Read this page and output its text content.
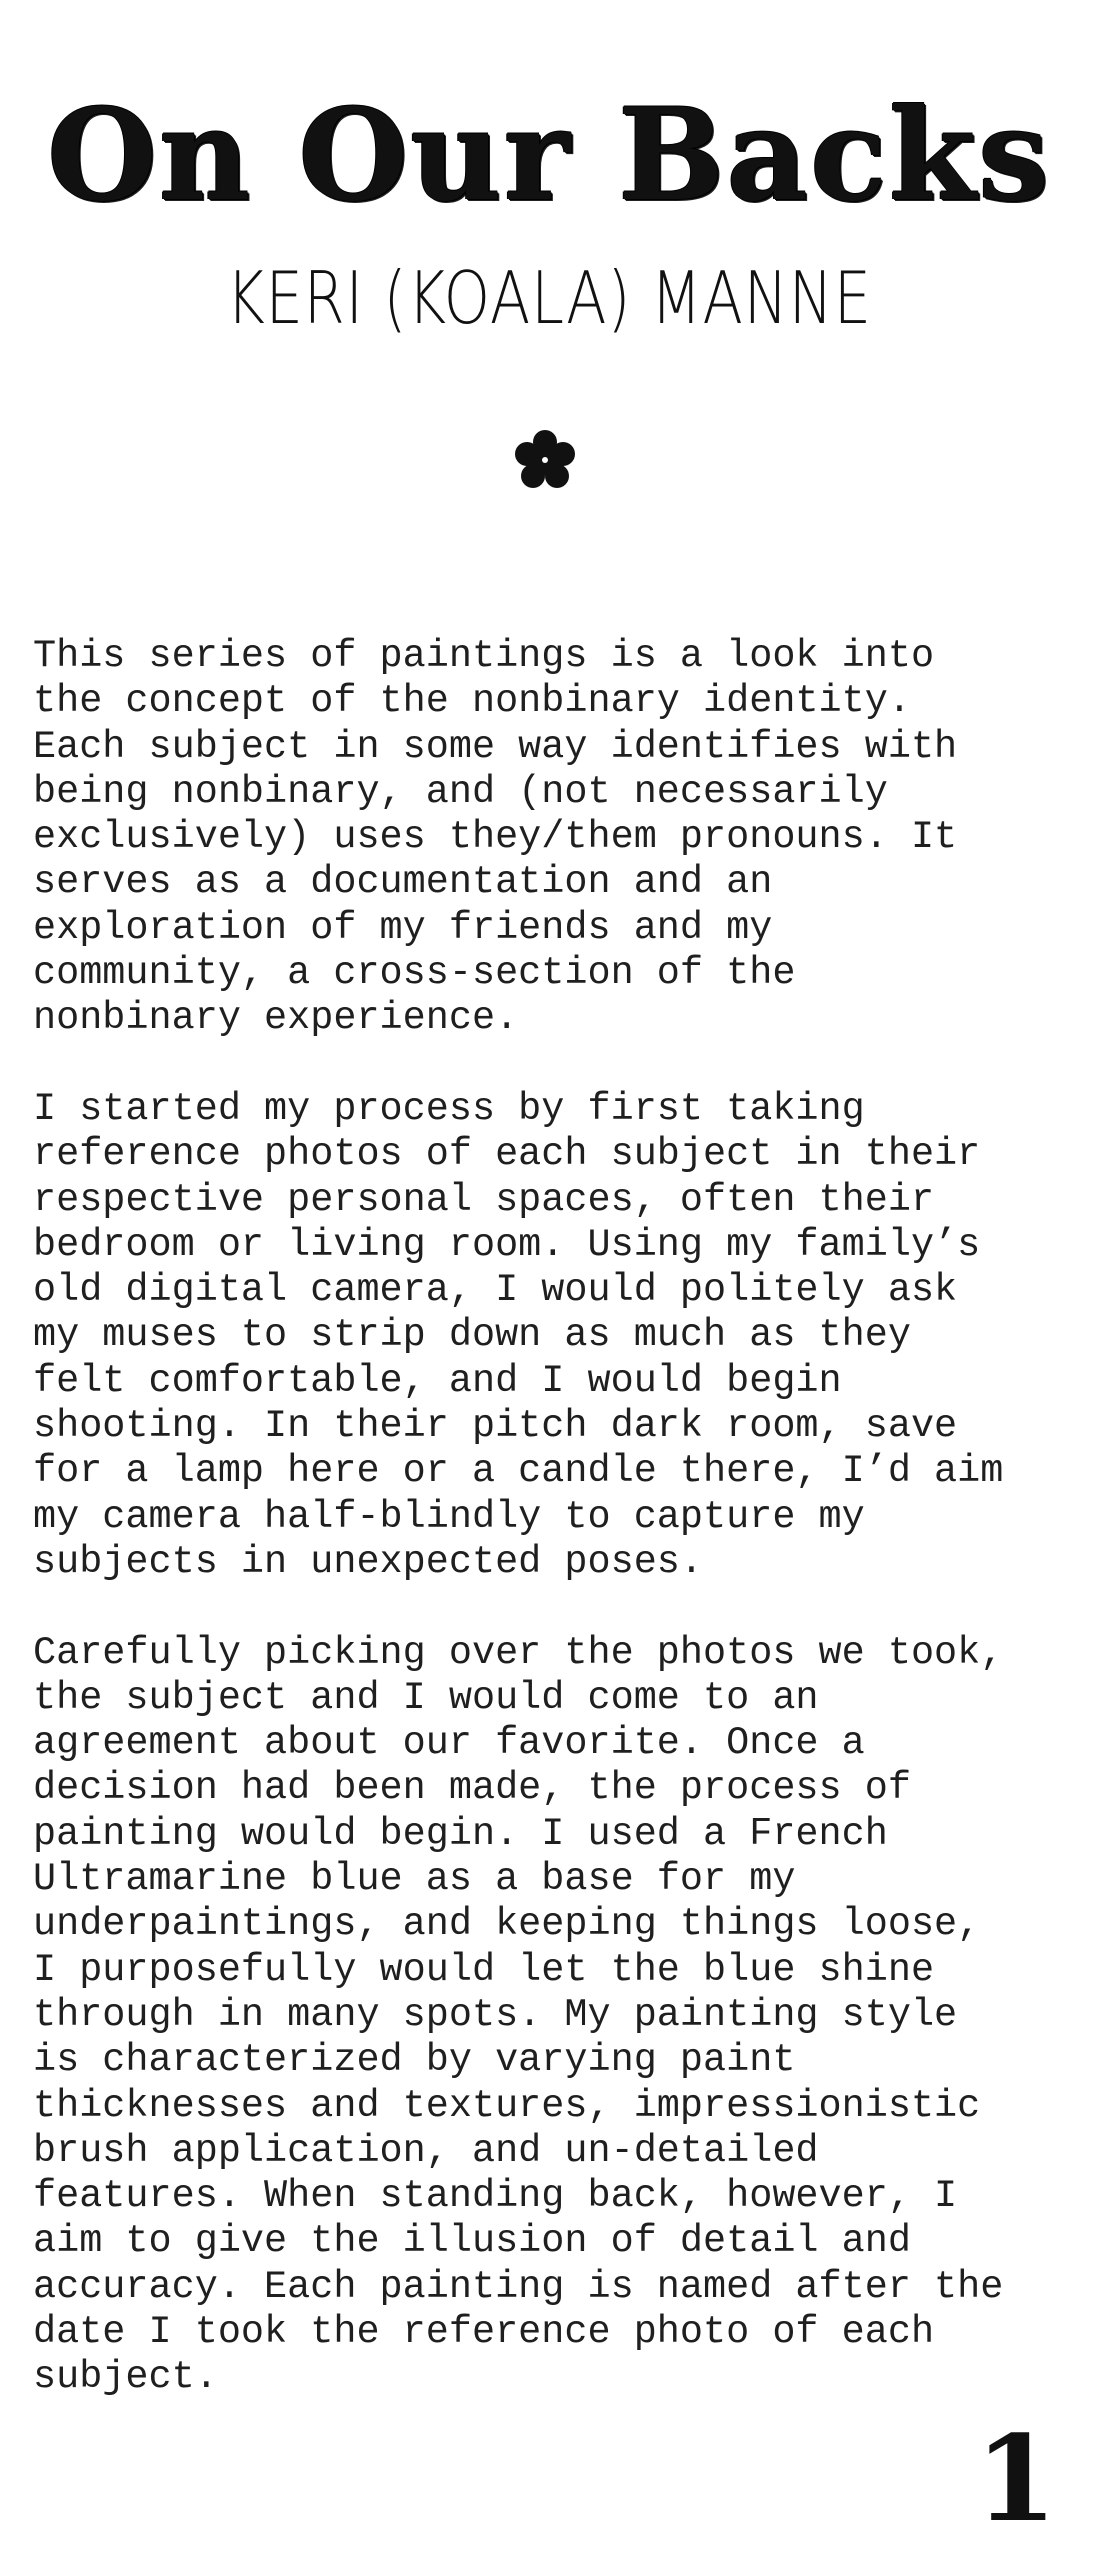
On Our Backs
KERI (KOALA) MANNE

This series of paintings is a look into
the concept of the nonbinary identity.
Each subject in some way identifies with
being nonbinary, and (not necessarily
exclusively) uses they/them pronouns. It
serves as a documentation and an
exploration of my friends and my
community, a cross-section of the
nonbinary experience.

I started my process by first taking
reference photos of each subject in their
respective personal spaces, often their
bedroom or living room. Using my family’s
old digital camera, I would politely ask
my muses to strip down as much as they
felt comfortable, and I would begin
shooting. In their pitch dark room, save
for a lamp here or a candle there, I’d aim
my camera half-blindly to capture my
subjects in unexpected poses.

Carefully picking over the photos we took,
the subject and I would come to an
agreement about our favorite. Once a
decision had been made, the process of
painting would begin. I used a French
Ultramarine blue as a base for my
underpaintings, and keeping things loose,
I purposefully would let the blue shine
through in many spots. My painting style
is characterized by varying paint
thicknesses and textures, impressionistic
brush application, and un-detailed
features. When standing back, however, I
aim to give the illusion of detail and
accuracy. Each painting is named after the
date I took the reference photo of each
subject.

1
